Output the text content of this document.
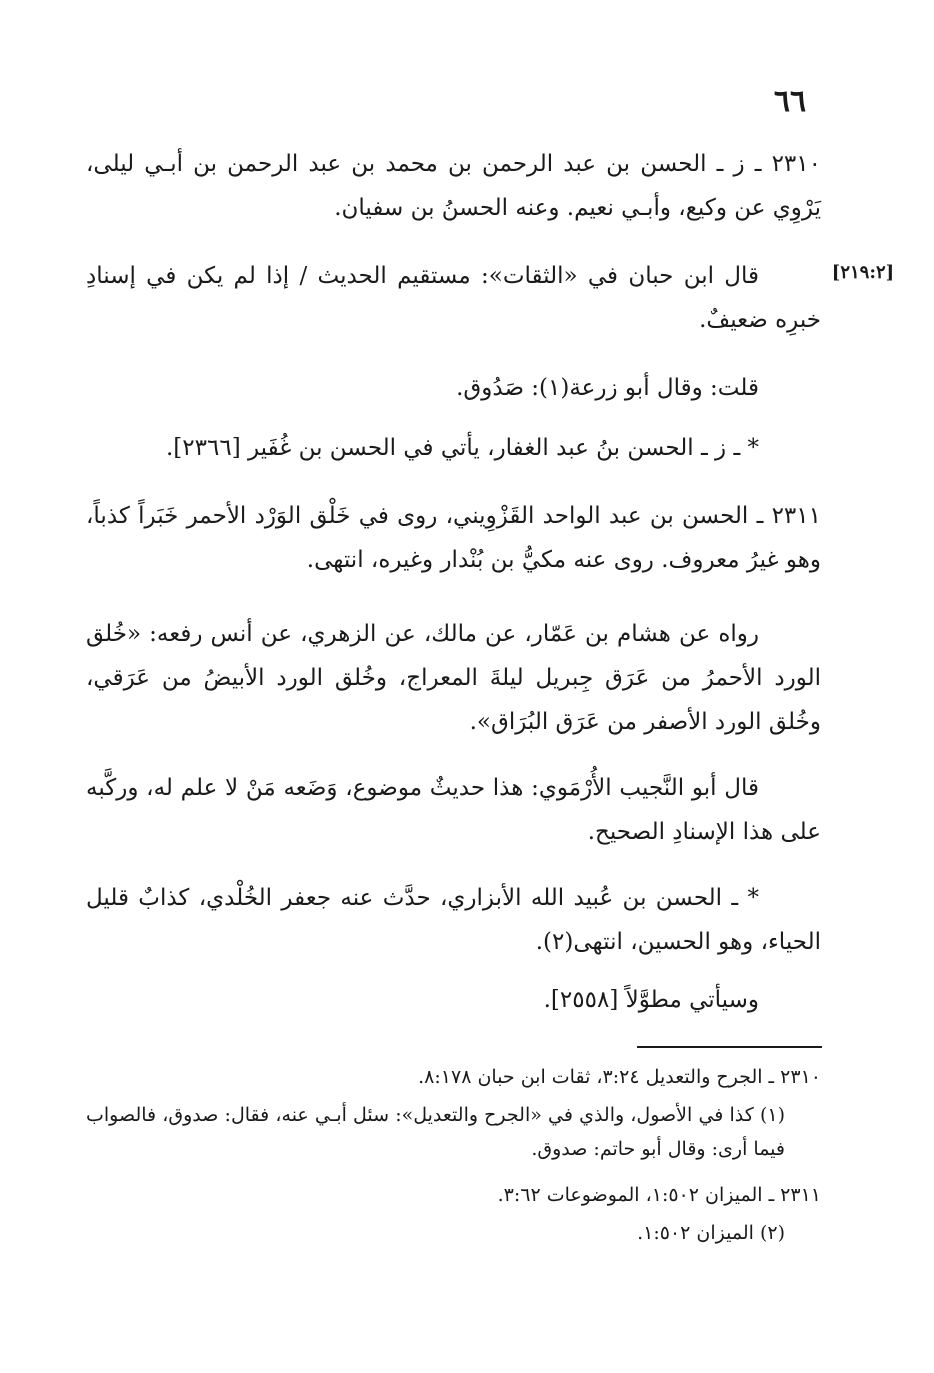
٦٦
[٢١٩:٢]

٢٣١٠ ـ ز ـ الحسن بن عبد الرحمن بن محمد بن عبد الرحمن بن أبـي ليلى، يَرْوِي عن وكيع، وأبـي نعيم. وعنه الحسنُ بن سفيان.

قال ابن حبان في «الثقات»: مستقيم الحديث / إذا لم يكن في إسنادِ خبرِه ضعيفٌ.

قلت: وقال أبو زرعة(١): صَدُوق.

* ـ ز ـ الحسن بنُ عبد الغفار، يأتي في الحسن بن غُفَير [٢٣٦٦].

٢٣١١ ـ الحسن بن عبد الواحد القَزْوِيني، روى في خَلْق الوَرْد الأحمر خَبَراً كذباً، وهو غيرُ معروف. روى عنه مكيُّ بن بُنْدار وغيره، انتهى.

رواه عن هشام بن عَمّار، عن مالك، عن الزهري، عن أنس رفعه: «خُلق الورد الأحمرُ من عَرَق جِبريل ليلةَ المعراج، وخُلق الورد الأبيضُ من عَرَقي، وخُلق الورد الأصفر من عَرَق البُرَاق».

قال أبو النَّجيب الأُرْمَوي: هذا حديثٌ موضوع، وَضَعه مَنْ لا علم له، وركَّبه على هذا الإسنادِ الصحيح.

* ـ الحسن بن عُبيد الله الأبزاري، حدَّث عنه جعفر الخُلْدي، كذابٌ قليل الحياء، وهو الحسين، انتهى(٢).

وسيأتي مطوَّلاً [٢٥٥٨].

٢٣١٠ ـ الجرح والتعديل ٣:٢٤، ثقات ابن حبان ٨:١٧٨.

(١) كذا في الأصول، والذي في «الجرح والتعديل»: سئل أبـي عنه، فقال: صدوق، فالصواب فيما أرى: وقال أبو حاتم: صدوق.

٢٣١١ ـ الميزان ١:٥٠٢، الموضوعات ٣:٦٢.

(٢) الميزان ١:٥٠٢.
